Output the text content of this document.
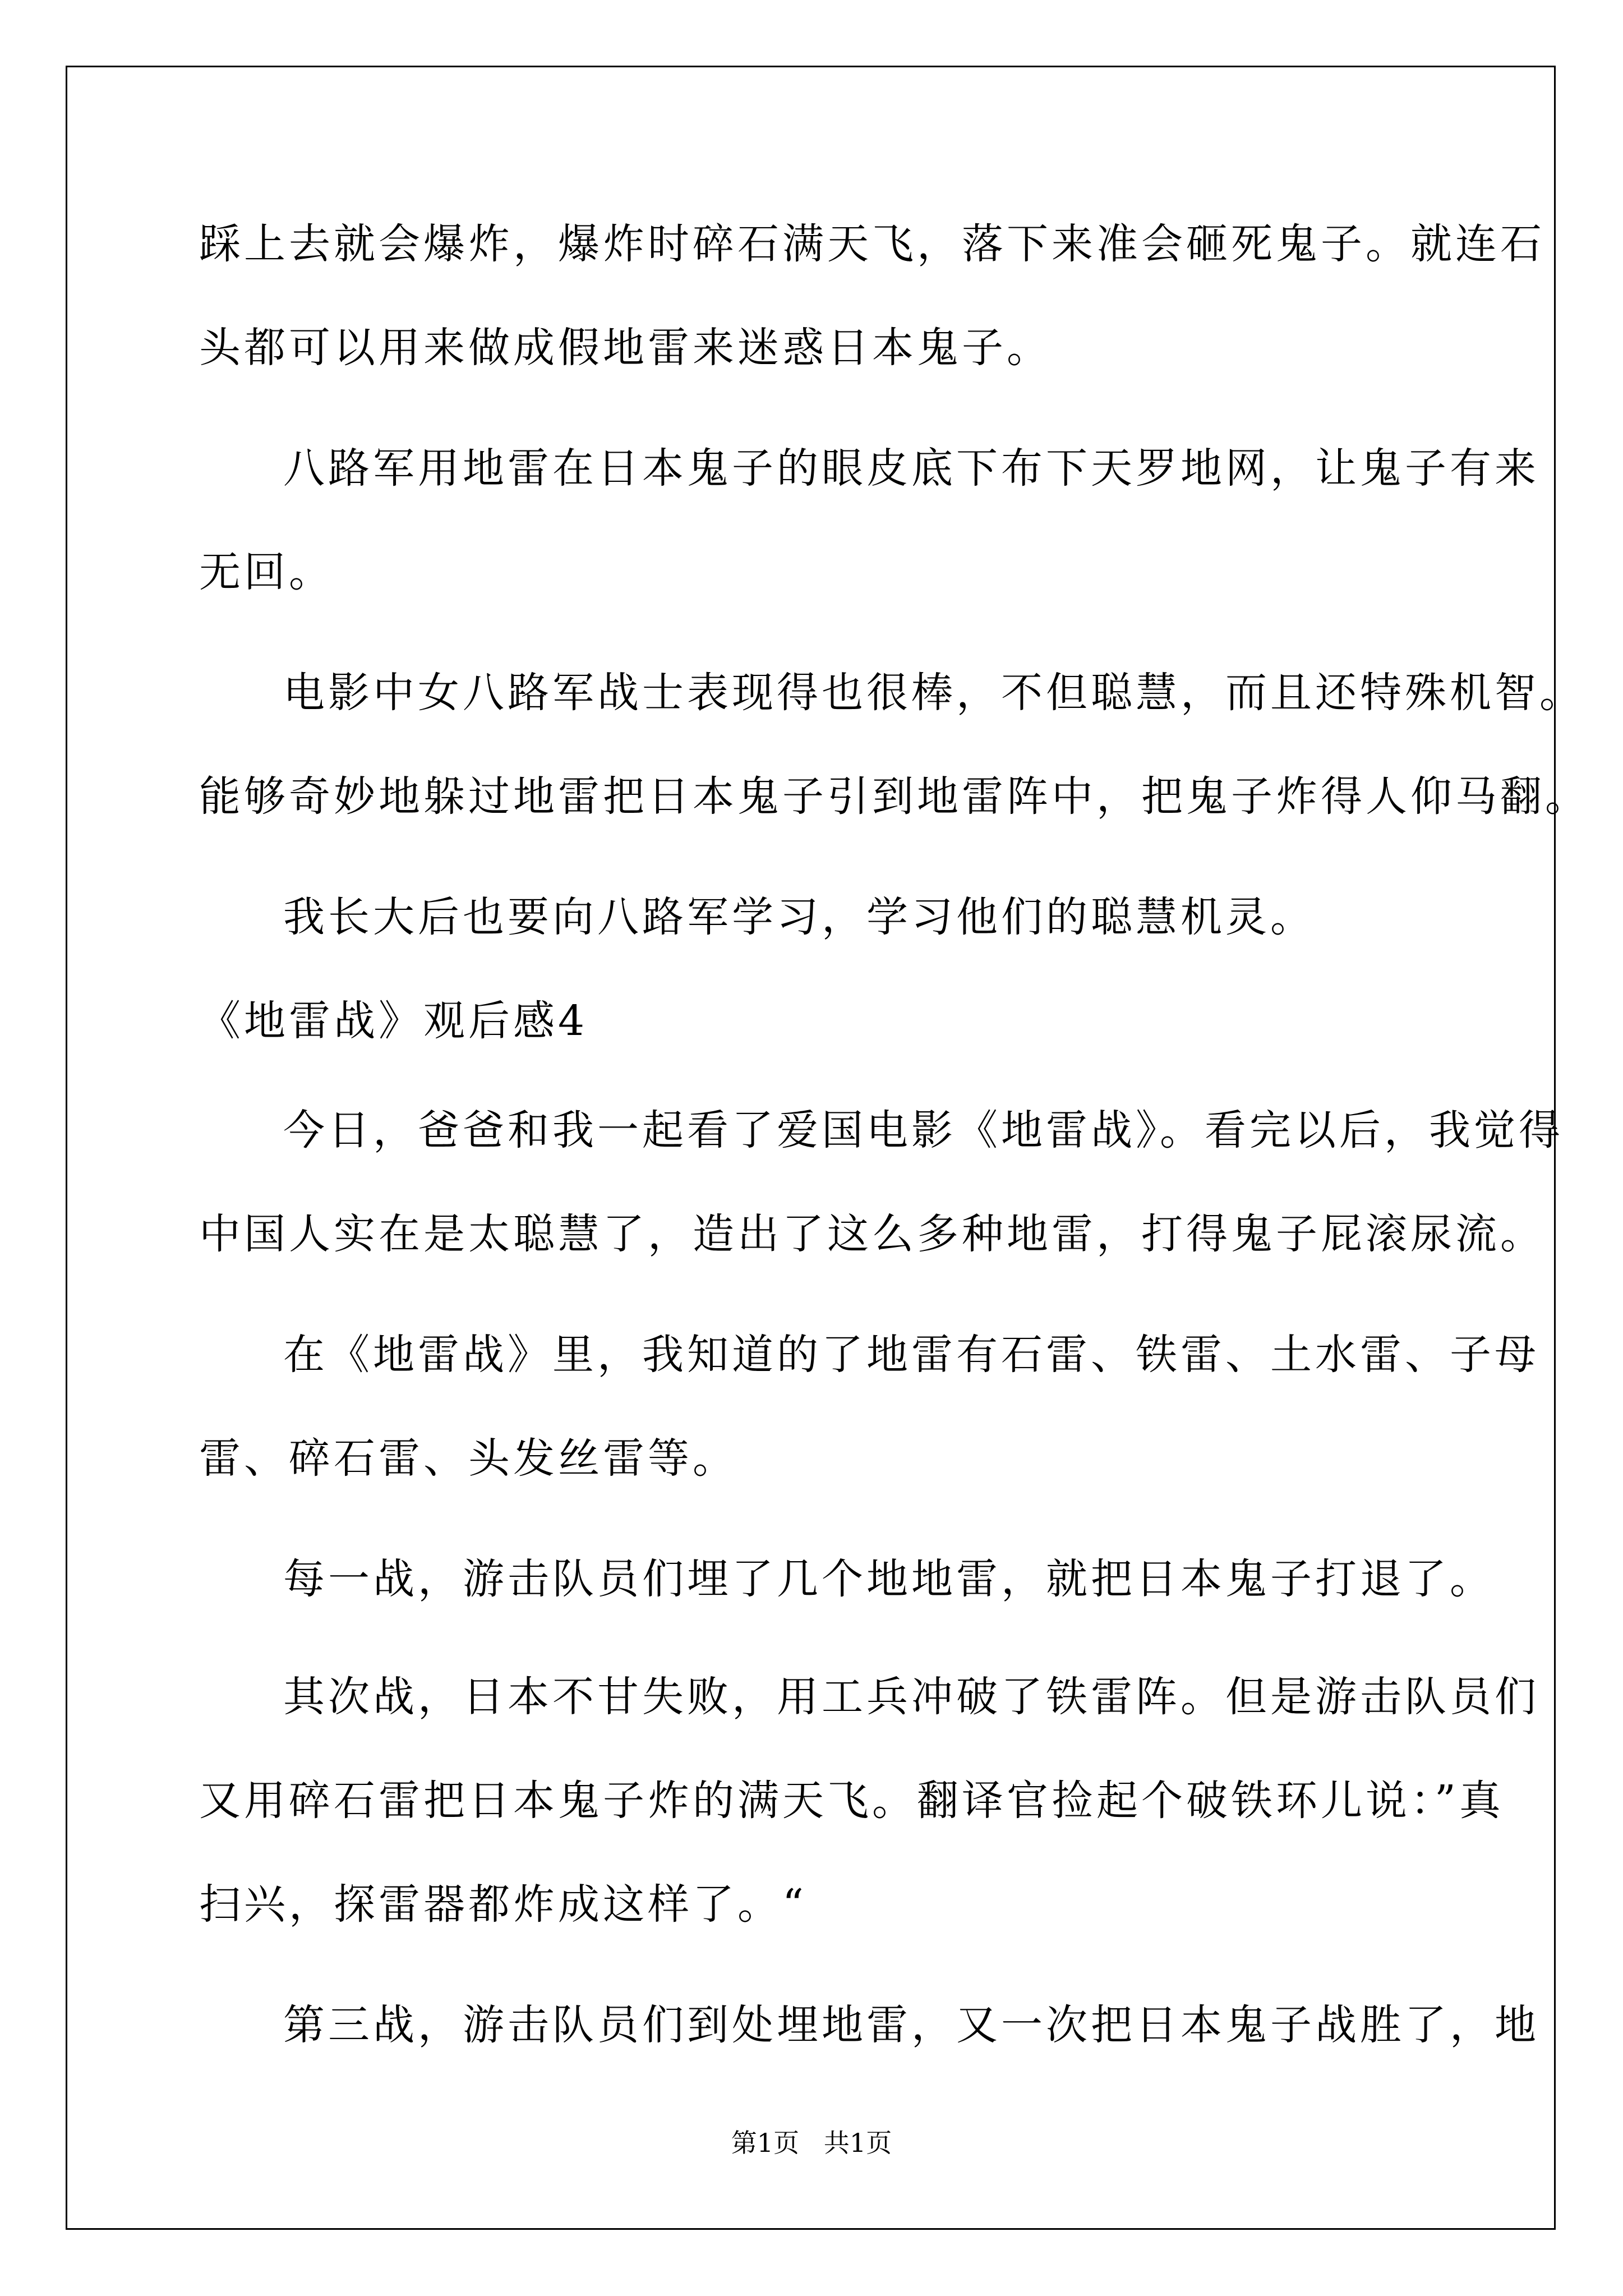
踩上去就会爆炸，爆炸时碎石满天飞，落下来准会砸死鬼子。就连石
头都可以用来做成假地雷来迷惑日本鬼子。
八路军用地雷在日本鬼子的眼皮底下布下天罗地网，让鬼子有来
无回。
电影中女八路军战士表现得也很棒，不但聪慧，而且还特殊机智。
能够奇妙地躲过地雷把日本鬼子引到地雷阵中，把鬼子炸得人仰马翻。
我长大后也要向八路军学习，学习他们的聪慧机灵。
《地雷战》观后感4
今日，爸爸和我一起看了爱国电影《地雷战》。看完以后，我觉得
中国人实在是太聪慧了，造出了这么多种地雷，打得鬼子屁滚尿流。
在《地雷战》里，我知道的了地雷有石雷、铁雷、土水雷、子母
雷、碎石雷、头发丝雷等。
每一战，游击队员们埋了几个地地雷，就把日本鬼子打退了。
其次战，日本不甘失败，用工兵冲破了铁雷阵。但是游击队员们
又用碎石雷把日本鬼子炸的满天飞。翻译官捡起个破铁环儿说：”真
扫兴，探雷器都炸成这样了。“
第三战，游击队员们到处埋地雷，又一次把日本鬼子战胜了，地
第1页   共1页
